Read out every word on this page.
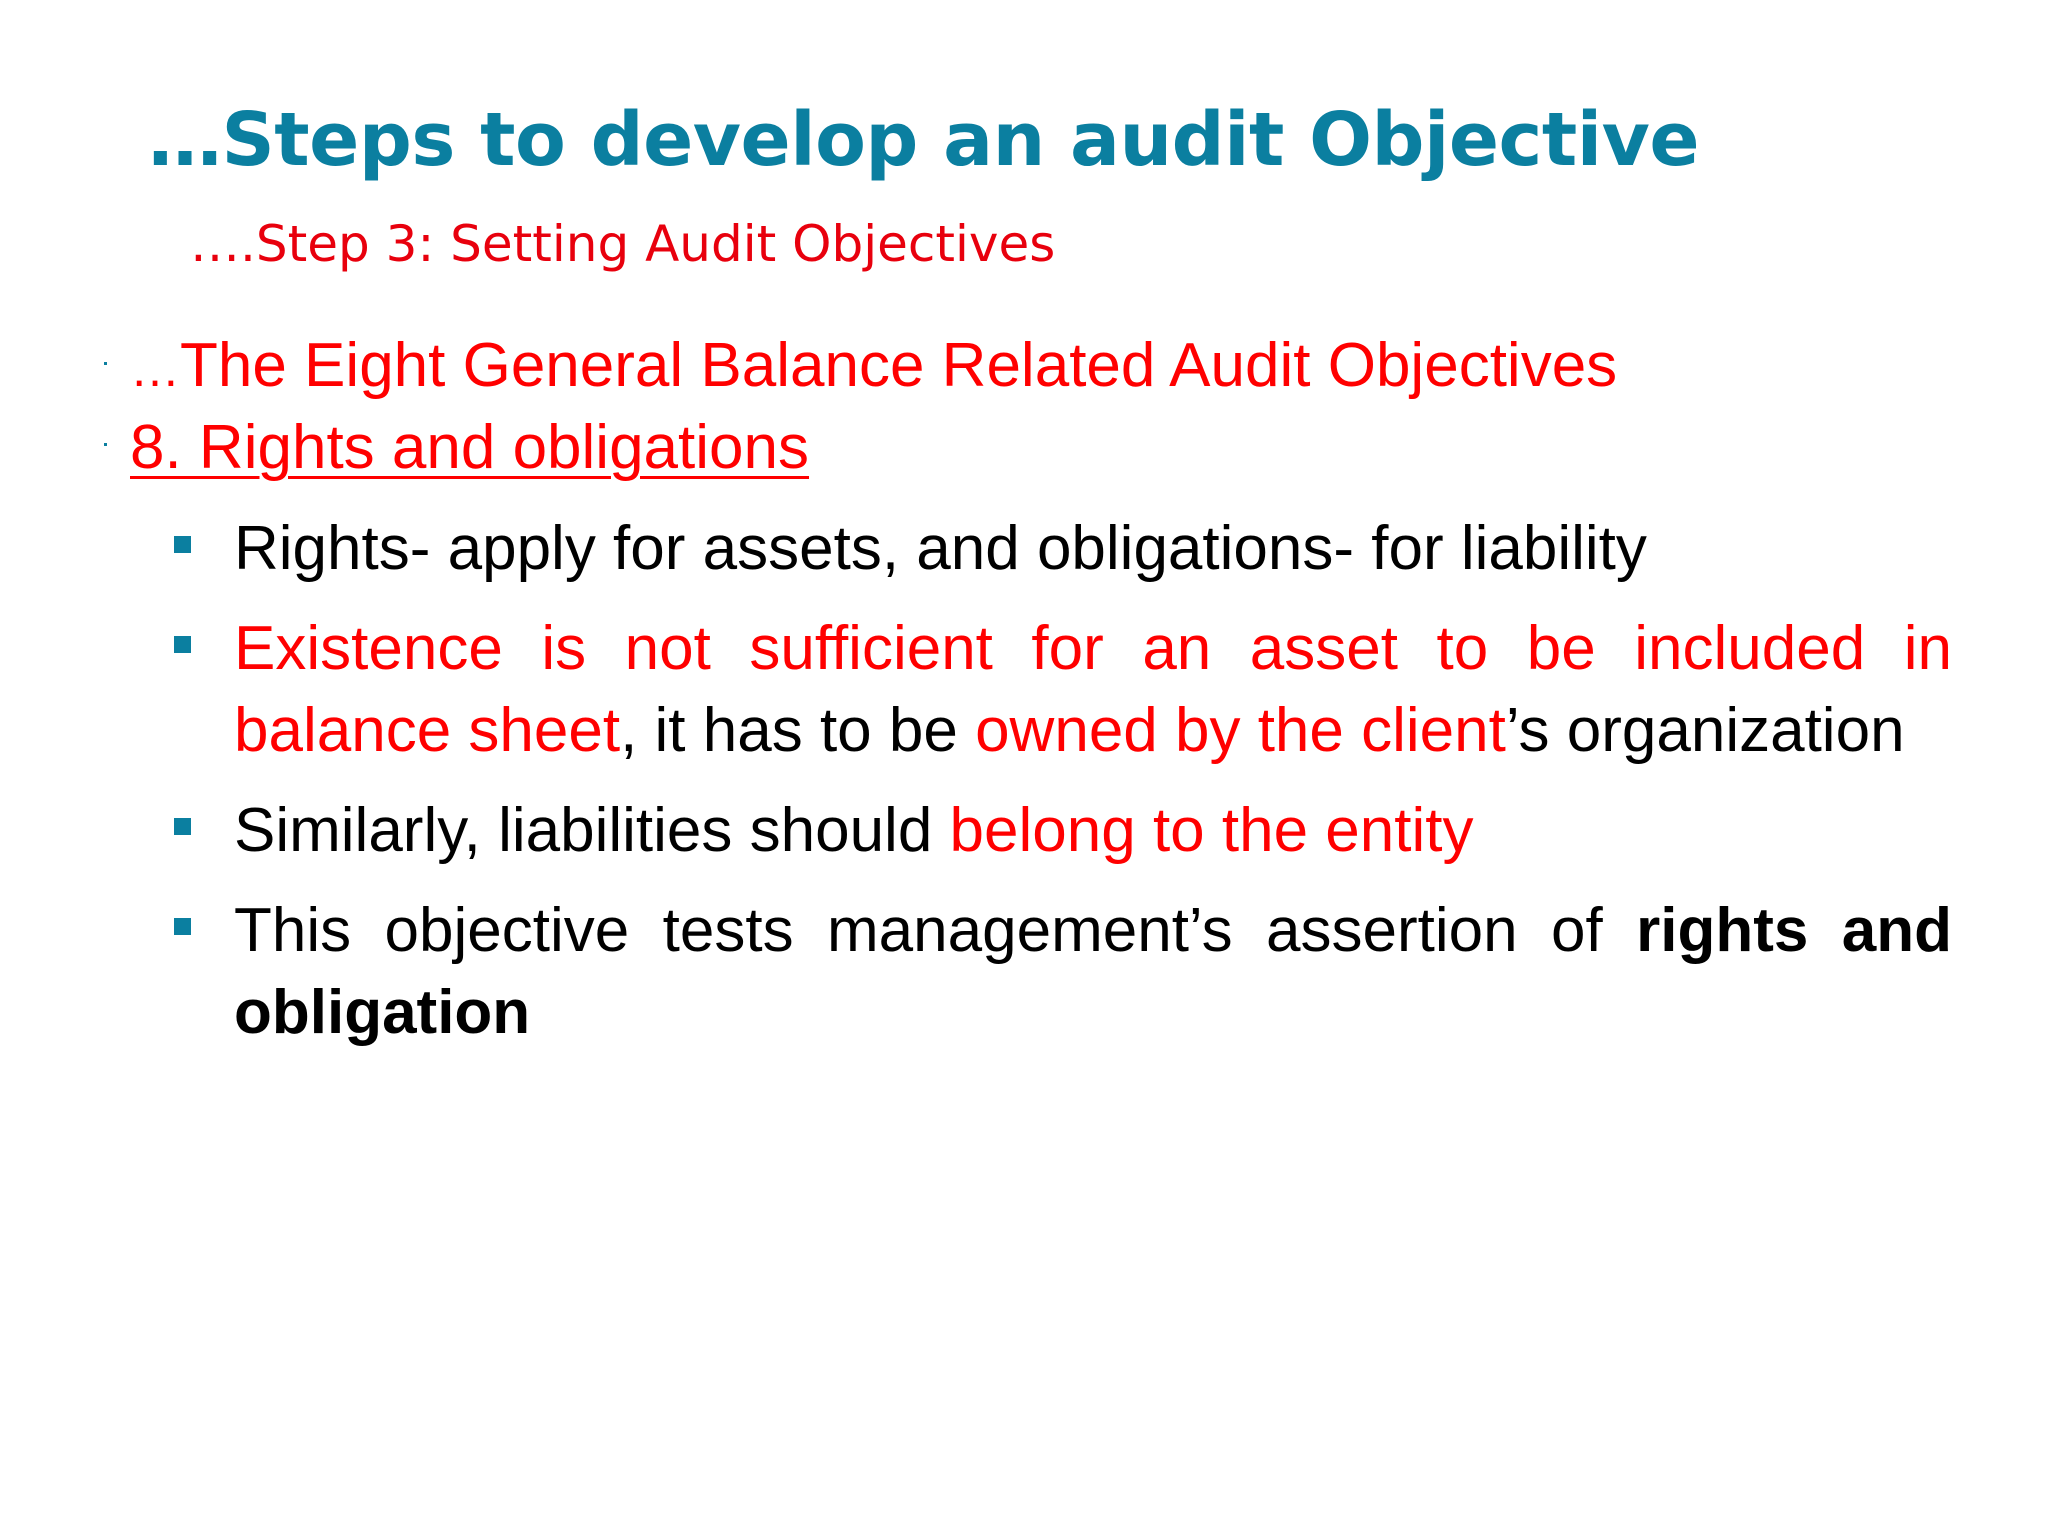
…Steps to develop an audit Objective
….Step 3: Setting Audit Objectives
…The Eight General Balance Related Audit Objectives
8. Rights and obligations
Rights- apply for assets, and obligations- for liability
Existence is not sufficient for an asset to be included in balance sheet, it has to be owned by the client’s organization
Similarly, liabilities should belong to the entity
This objective tests management’s assertion of rights and obligation
